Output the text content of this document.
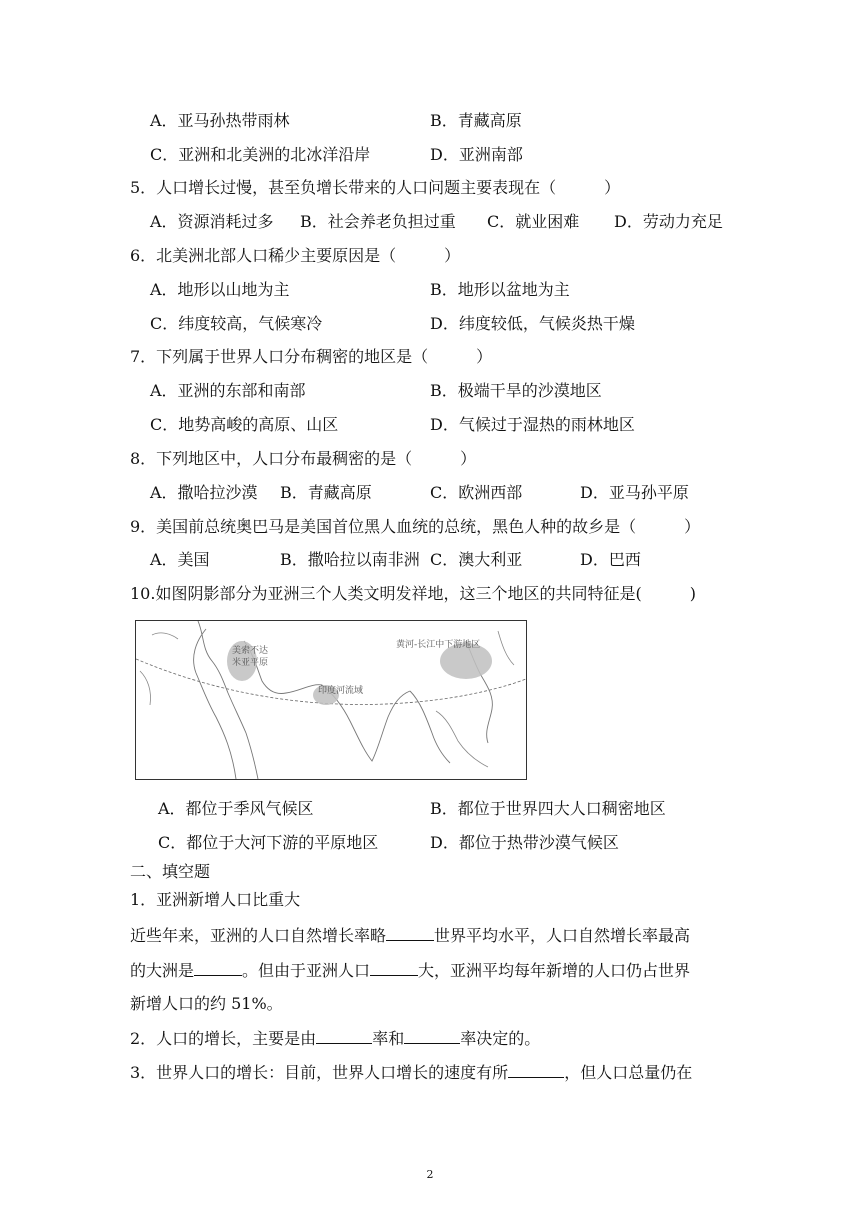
A．亚马孙热带雨林	B．青藏高原
C．亚洲和北美洲的北冰洋沿岸	D．亚洲南部
5．人口增长过慢，甚至负增长带来的人口问题主要表现在（　　　）
A．资源消耗过多 B．社会养老负担过重 C．就业困难 D．劳动力充足
6．北美洲北部人口稀少主要原因是（　　　）
A．地形以山地为主	B．地形以盆地为主
C．纬度较高，气候寒冷	D．纬度较低，气候炎热干燥
7．下列属于世界人口分布稠密的地区是（　　　）
A．亚洲的东部和南部	B．极端干旱的沙漠地区
C．地势高峻的高原、山区	D．气候过于湿热的雨林地区
8．下列地区中，人口分布最稠密的是（　　　）
A．撒哈拉沙漠 B．青藏高原	C．欧洲西部	D．亚马孙平原
9．美国前总统奥巴马是美国首位黑人血统的总统，黑色人种的故乡是（　　　）
A．美国	B．撒哈拉以南非洲 C．澳大利亚	D．巴西
10.如图阴影部分为亚洲三个人类文明发祥地，这三个地区的共同特征是(　　　)
美索不达
米亚平原
黄河-长江中下游地区
印度河流域
A．都位于季风气候区	B．都位于世界四大人口稠密地区
C．都位于大河下游的平原地区	D．都位于热带沙漠气候区
二、填空题
1．亚洲新增人口比重大
近些年来，亚洲的人口自然增长率略	世界平均水平，人口自然增长率最高
的大洲是	。但由于亚洲人口	大，亚洲平均每年新增的人口仍占世界
新增人口的约 51%。
2．人口的增长，主要是由	率和	率决定的。
3．世界人口的增长：目前，世界人口增长的速度有所	，但人口总量仍在
2
